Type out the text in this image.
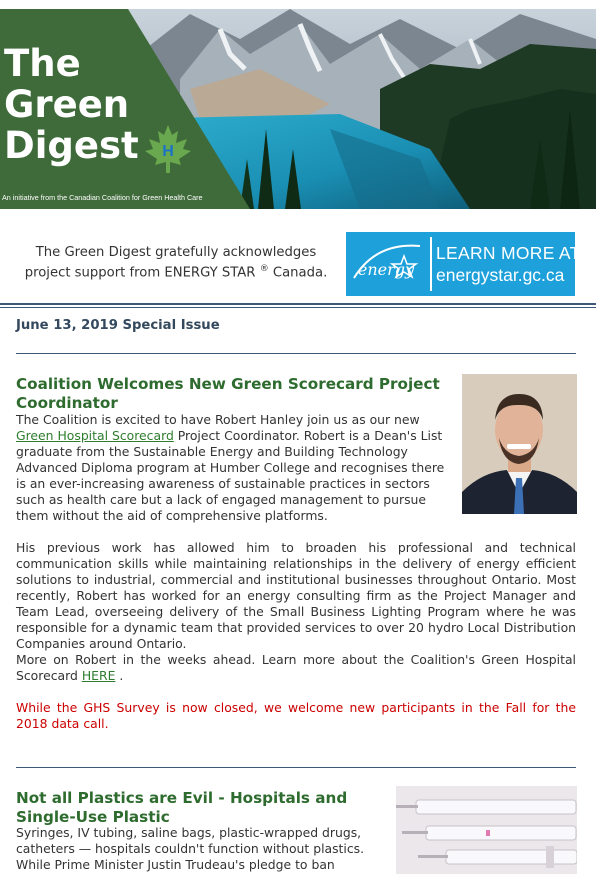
The
Green
Digest H
An initiative from the Canadian Coalition for Green Health Care
The Green Digest gratefully acknowledges project support from ENERGY STAR ® Canada.	energy
LEARN MORE AT
energystar.gc.ca
June 13, 2019 Special Issue
Coalition Welcomes New Green Scorecard Project Coordinator
The Coalition is excited to have Robert Hanley join us as our new Green Hospital Scorecard Project Coordinator. Robert is a Dean's List graduate from the Sustainable Energy and Building Technology Advanced Diploma program at Humber College and recognises there is an ever-increasing awareness of sustainable practices in sectors such as health care but a lack of engaged management to pursue them without the aid of comprehensive platforms.
His previous work has allowed him to broaden his professional and technical communication skills while maintaining relationships in the delivery of energy efficient solutions to industrial, commercial and institutional businesses throughout Ontario. Most recently, Robert has worked for an energy consulting firm as the Project Manager and Team Lead, overseeing delivery of the Small Business Lighting Program where he was responsible for a dynamic team that provided services to over 20 hydro Local Distribution Companies around Ontario.
More on Robert in the weeks ahead. Learn more about the Coalition's Green Hospital Scorecard HERE .
While the GHS Survey is now closed, we welcome new participants in the Fall for the 2018 data call.
Not all Plastics are Evil - Hospitals and Single-Use Plastic
Syringes, IV tubing, saline bags, plastic-wrapped drugs, catheters — hospitals couldn't function without plastics. While Prime Minister Justin Trudeau's pledge to ban
